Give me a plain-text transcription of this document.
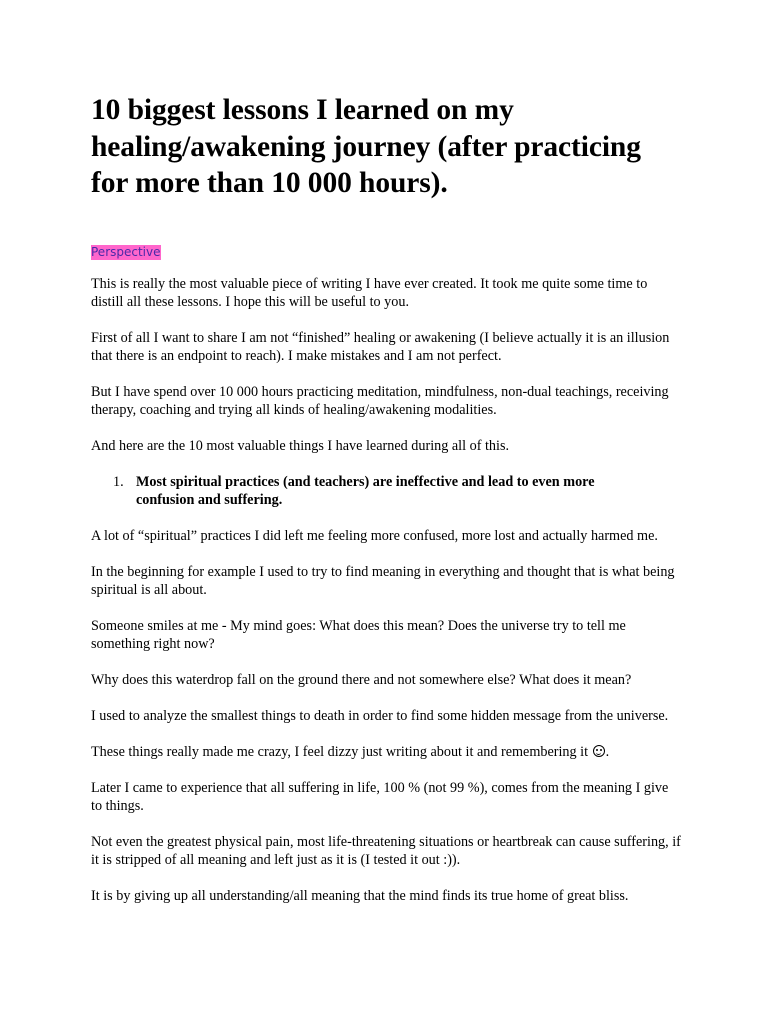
10 biggest lessons I learned on my healing/awakening journey (after practicing for more than 10 000 hours).
Perspective

This is really the most valuable piece of writing I have ever created. It took me quite some time to distill all these lessons. I hope this will be useful to you.

First of all I want to share I am not “finished” healing or awakening (I believe actually it is an illusion that there is an endpoint to reach). I make mistakes and I am not perfect.

But I have spend over 10 000 hours practicing meditation, mindfulness, non-dual teachings, receiving therapy, coaching and trying all kinds of healing/awakening modalities.

And here are the 10 most valuable things I have learned during all of this.

1. Most spiritual practices (and teachers) are ineffective and lead to even more confusion and suffering.

A lot of “spiritual” practices I did left me feeling more confused, more lost and actually harmed me.

In the beginning for example I used to try to find meaning in everything and thought that is what being spiritual is all about.

Someone smiles at me - My mind goes: What does this mean? Does the universe try to tell me something right now?

Why does this waterdrop fall on the ground there and not somewhere else? What does it mean?

I used to analyze the smallest things to death in order to find some hidden message from the universe.

These things really made me crazy, I feel dizzy just writing about it and remembering it .

Later I came to experience that all suffering in life, 100 % (not 99 %), comes from the meaning I give to things.

Not even the greatest physical pain, most life-threatening situations or heartbreak can cause suffering, if it is stripped of all meaning and left just as it is (I tested it out :)).

It is by giving up all understanding/all meaning that the mind finds its true home of great bliss.
